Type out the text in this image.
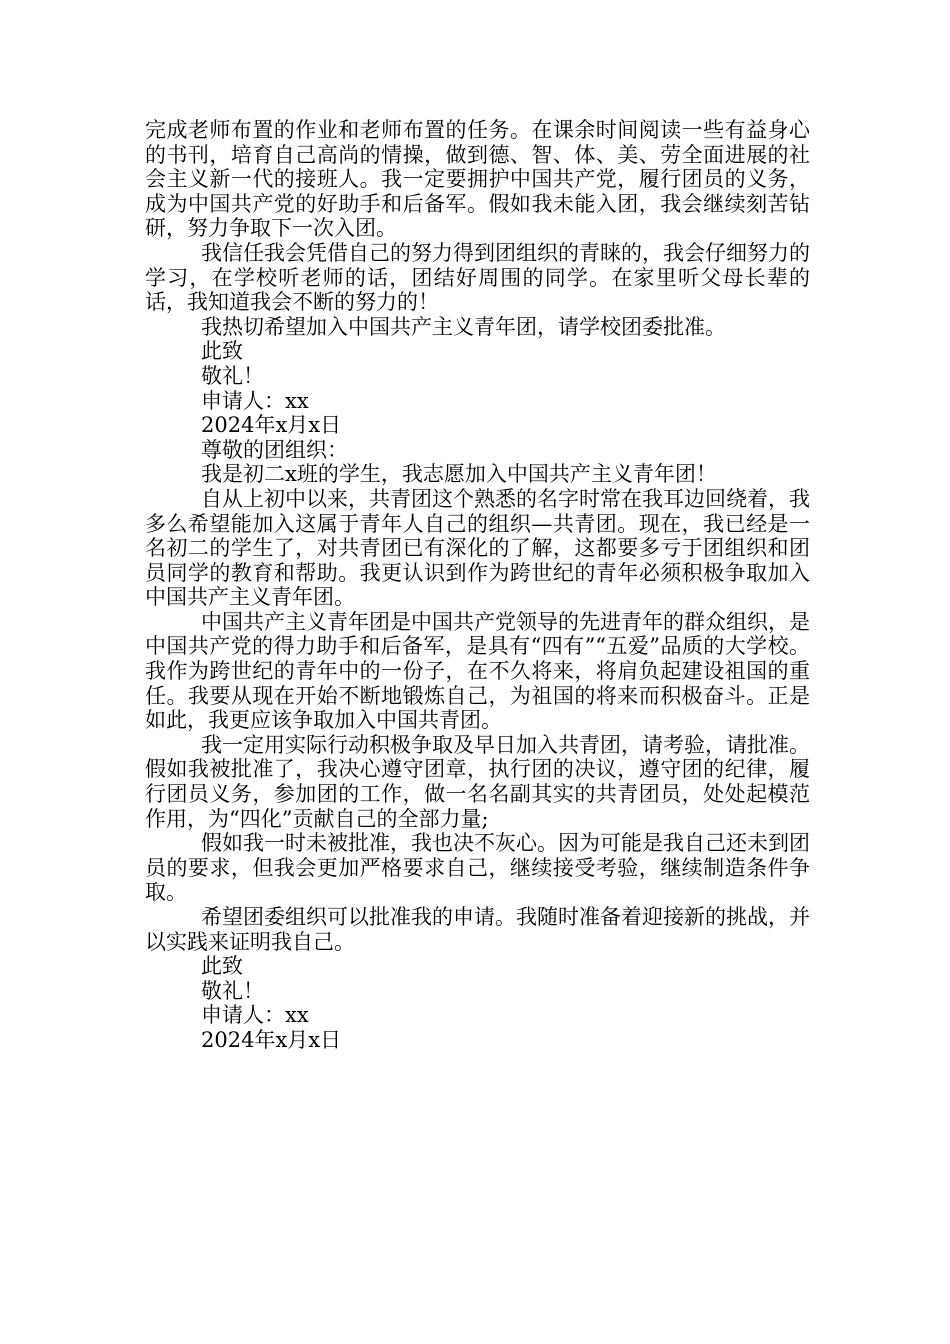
完成老师布置的作业和老师布置的任务。在课余时间阅读一些有益身心的书刊，培育自己高尚的情操，做到德、智、体、美、劳全面进展的社会主义新一代的接班人。我一定要拥护中国共产党，履行团员的义务，成为中国共产党的好助手和后备军。假如我未能入团，我会继续刻苦钻研，努力争取下一次入团。

我信任我会凭借自己的努力得到团组织的青睐的，我会仔细努力的学习，在学校听老师的话，团结好周围的同学。在家里听父母长辈的话，我知道我会不断的努力的！

我热切希望加入中国共产主义青年团，请学校团委批准。

此致

敬礼！

申请人：xx

2024年x月x日

尊敬的团组织：

我是初二x班的学生，我志愿加入中国共产主义青年团！

自从上初中以来，共青团这个熟悉的名字时常在我耳边回绕着，我多么希望能加入这属于青年人自己的组织—共青团。现在，我已经是一名初二的学生了，对共青团已有深化的了解，这都要多亏于团组织和团员同学的教育和帮助。我更认识到作为跨世纪的青年必须积极争取加入中国共产主义青年团。

中国共产主义青年团是中国共产党领导的先进青年的群众组织，是中国共产党的得力助手和后备军，是具有“四有”“五爱”品质的大学校。我作为跨世纪的青年中的一份子，在不久将来，将肩负起建设祖国的重任。我要从现在开始不断地锻炼自己，为祖国的将来而积极奋斗。正是如此，我更应该争取加入中国共青团。

我一定用实际行动积极争取及早日加入共青团，请考验，请批准。假如我被批准了，我决心遵守团章，执行团的决议，遵守团的纪律，履行团员义务，参加团的工作，做一名名副其实的共青团员，处处起模范作用，为“四化”贡献自己的全部力量;

假如我一时未被批准，我也决不灰心。因为可能是我自己还未到团员的要求，但我会更加严格要求自己，继续接受考验，继续制造条件争取。

希望团委组织可以批准我的申请。我随时准备着迎接新的挑战，并以实践来证明我自己。

此致

敬礼！

申请人：xx

2024年x月x日
